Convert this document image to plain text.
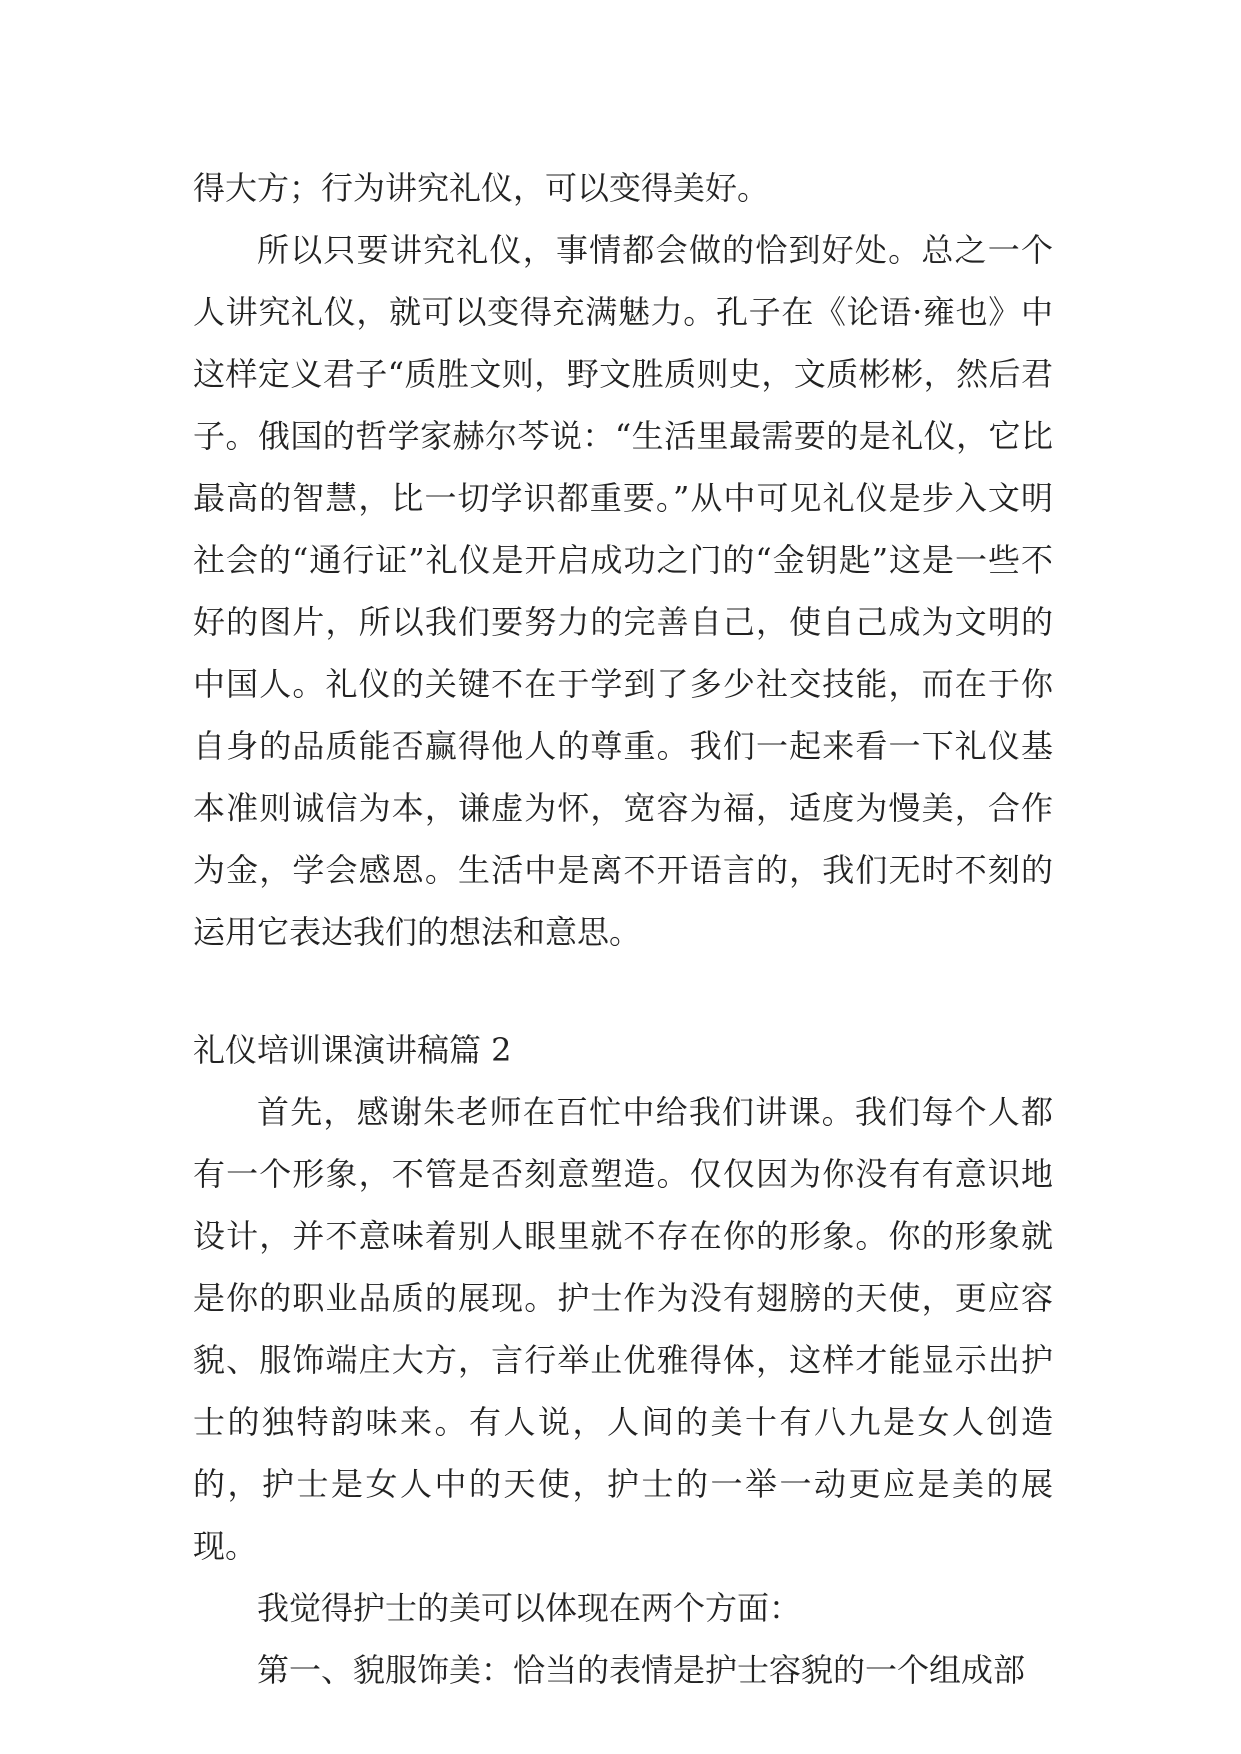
得大方；行为讲究礼仪，可以变得美好。

所以只要讲究礼仪，事情都会做的恰到好处。总之一个人讲究礼仪，就可以变得充满魅力。孔子在《论语·雍也》中这样定义君子“质胜文则，野文胜质则史，文质彬彬，然后君子。俄国的哲学家赫尔芩说：“生活里最需要的是礼仪，它比最高的智慧，比一切学识都重要。”从中可见礼仪是步入文明社会的“通行证”礼仪是开启成功之门的“金钥匙”这是一些不好的图片，所以我们要努力的完善自己，使自己成为文明的中国人。礼仪的关键不在于学到了多少社交技能，而在于你自身的品质能否赢得他人的尊重。我们一起来看一下礼仪基本准则诚信为本，谦虚为怀，宽容为福，适度为慢美，合作为金，学会感恩。生活中是离不开语言的，我们无时不刻的运用它表达我们的想法和意思。

礼仪培训课演讲稿篇 2

首先，感谢朱老师在百忙中给我们讲课。我们每个人都有一个形象，不管是否刻意塑造。仅仅因为你没有有意识地设计，并不意味着别人眼里就不存在你的形象。你的形象就是你的职业品质的展现。护士作为没有翅膀的天使，更应容貌、服饰端庄大方，言行举止优雅得体，这样才能显示出护士的独特韵味来。有人说，人间的美十有八九是女人创造的，护士是女人中的天使，护士的一举一动更应是美的展现。

我觉得护士的美可以体现在两个方面：

第一、貌服饰美：恰当的表情是护士容貌的一个组成部
